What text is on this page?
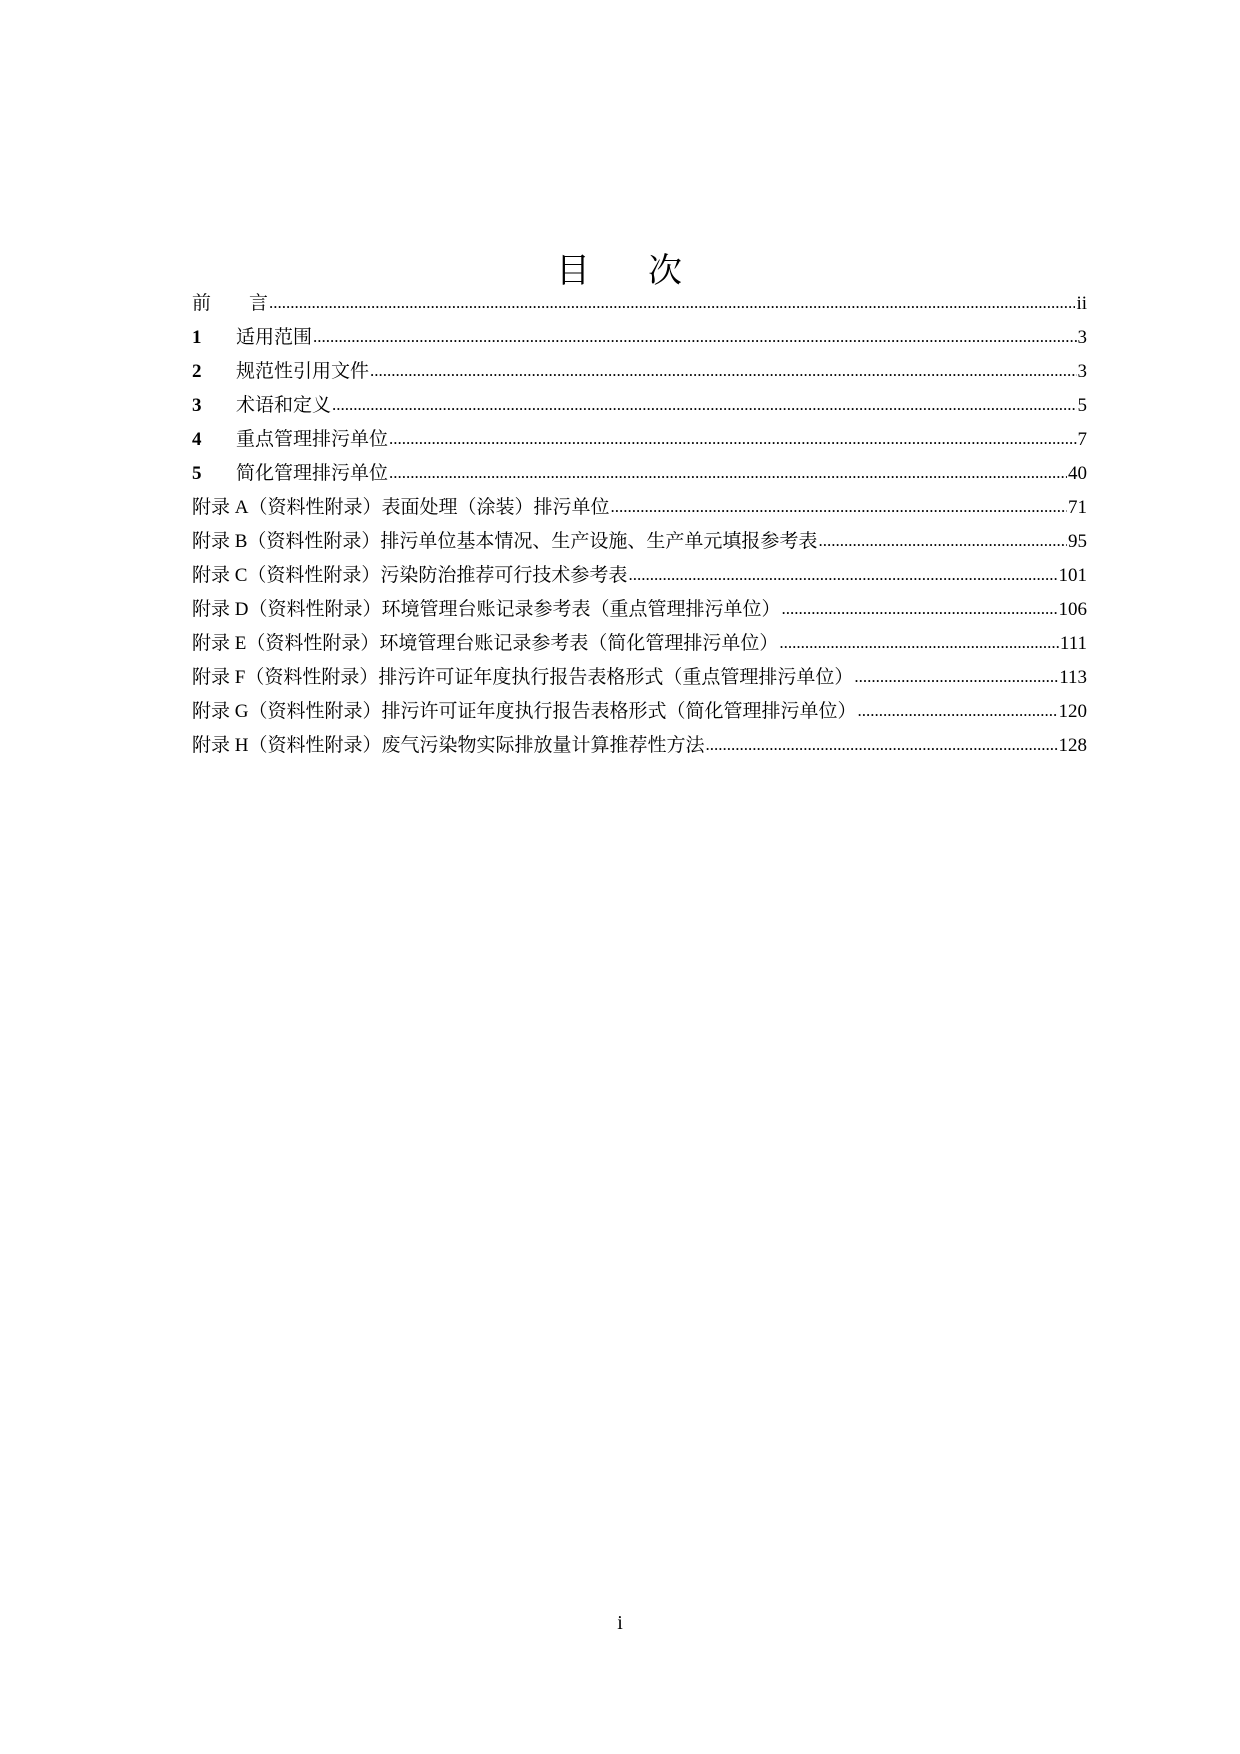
目 次
前 言 .....	ii
1	适用范围 .....	3
2	规范性引用文件 .....	3
3	术语和定义 .....	5
4	重点管理排污单位 .....	7
5	简化管理排污单位 .....	40
附录 A（资料性附录）表面处理（涂装）排污单位 .....	71
附录 B（资料性附录）排污单位基本情况、生产设施、生产单元填报参考表 .....	95
附录 C（资料性附录）污染防治推荐可行技术参考表 .....	101
附录 D（资料性附录）环境管理台账记录参考表（重点管理排污单位） .....	106
附录 E（资料性附录）环境管理台账记录参考表（简化管理排污单位） .....	111
附录 F（资料性附录）排污许可证年度执行报告表格形式（重点管理排污单位） .....	113
附录 G（资料性附录）排污许可证年度执行报告表格形式（简化管理排污单位） .....	120
附录 H（资料性附录）废气污染物实际排放量计算推荐性方法 .....	128
i
